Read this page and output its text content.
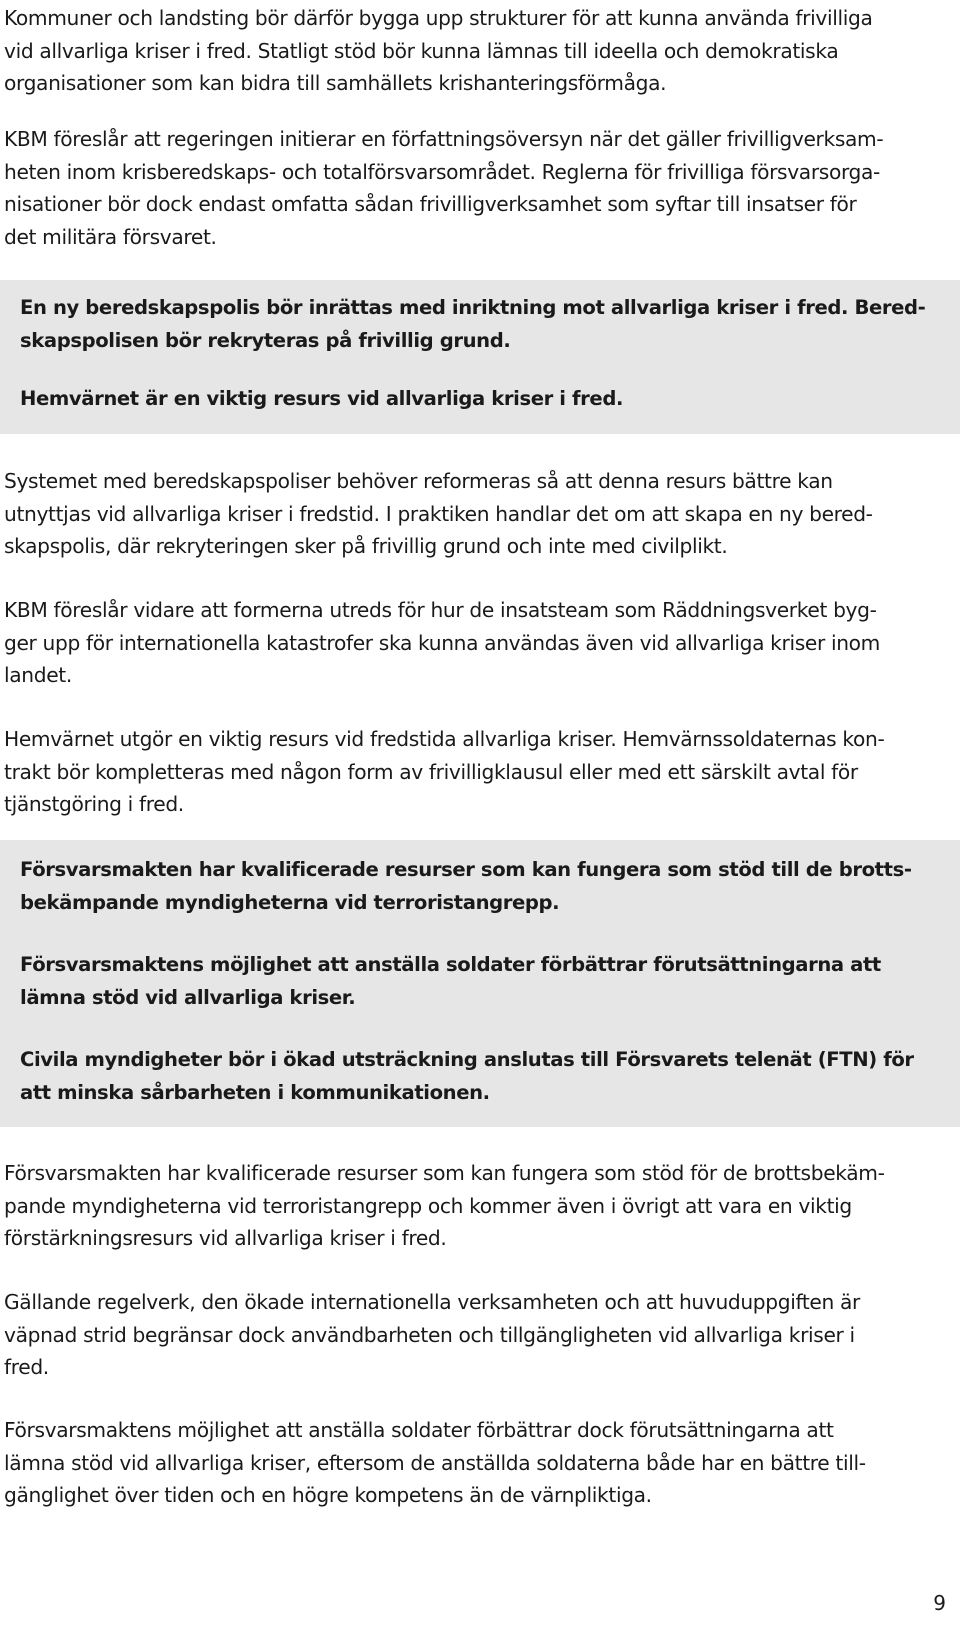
Kommuner och landsting bör därför bygga upp strukturer för att kunna använda frivilliga
vid allvarliga kriser i fred. Statligt stöd bör kunna lämnas till ideella och demokratiska
organisationer som kan bidra till samhällets krishanteringsförmåga.

KBM föreslår att regeringen initierar en författningsöversyn när det gäller frivilligverksam-
heten inom krisberedskaps- och totalförsvarsområdet. Reglerna för frivilliga försvarsorga-
nisationer bör dock endast omfatta sådan frivilligverksamhet som syftar till insatser för
det militära försvaret.

En ny beredskapspolis bör inrättas med inriktning mot allvarliga kriser i fred. Bered-
skapspolisen bör rekryteras på frivillig grund.

Hemvärnet är en viktig resurs vid allvarliga kriser i fred.

Systemet med beredskapspoliser behöver reformeras så att denna resurs bättre kan
utnyttjas vid allvarliga kriser i fredstid. I praktiken handlar det om att skapa en ny bered-
skapspolis, där rekryteringen sker på frivillig grund och inte med civilplikt.

KBM föreslår vidare att formerna utreds för hur de insatsteam som Räddningsverket byg-
ger upp för internationella katastrofer ska kunna användas även vid allvarliga kriser inom
landet.

Hemvärnet utgör en viktig resurs vid fredstida allvarliga kriser. Hemvärnssoldaternas kon-
trakt bör kompletteras med någon form av frivilligklausul eller med ett särskilt avtal för
tjänstgöring i fred.

Försvarsmakten har kvalificerade resurser som kan fungera som stöd till de brotts-
bekämpande myndigheterna vid terroristangrepp.

Försvarsmaktens möjlighet att anställa soldater förbättrar förutsättningarna att
lämna stöd vid allvarliga kriser.

Civila myndigheter bör i ökad utsträckning anslutas till Försvarets telenät (FTN) för
att minska sårbarheten i kommunikationen.

Försvarsmakten har kvalificerade resurser som kan fungera som stöd för de brottsbekäm-
pande myndigheterna vid terroristangrepp och kommer även i övrigt att vara en viktig
förstärkningsresurs vid allvarliga kriser i fred.

Gällande regelverk, den ökade internationella verksamheten och att huvuduppgiften är
väpnad strid begränsar dock användbarheten och tillgängligheten vid allvarliga kriser i
fred.

Försvarsmaktens möjlighet att anställa soldater förbättrar dock förutsättningarna att
lämna stöd vid allvarliga kriser, eftersom de anställda soldaterna både har en bättre till-
gänglighet över tiden och en högre kompetens än de värnpliktiga.

9
